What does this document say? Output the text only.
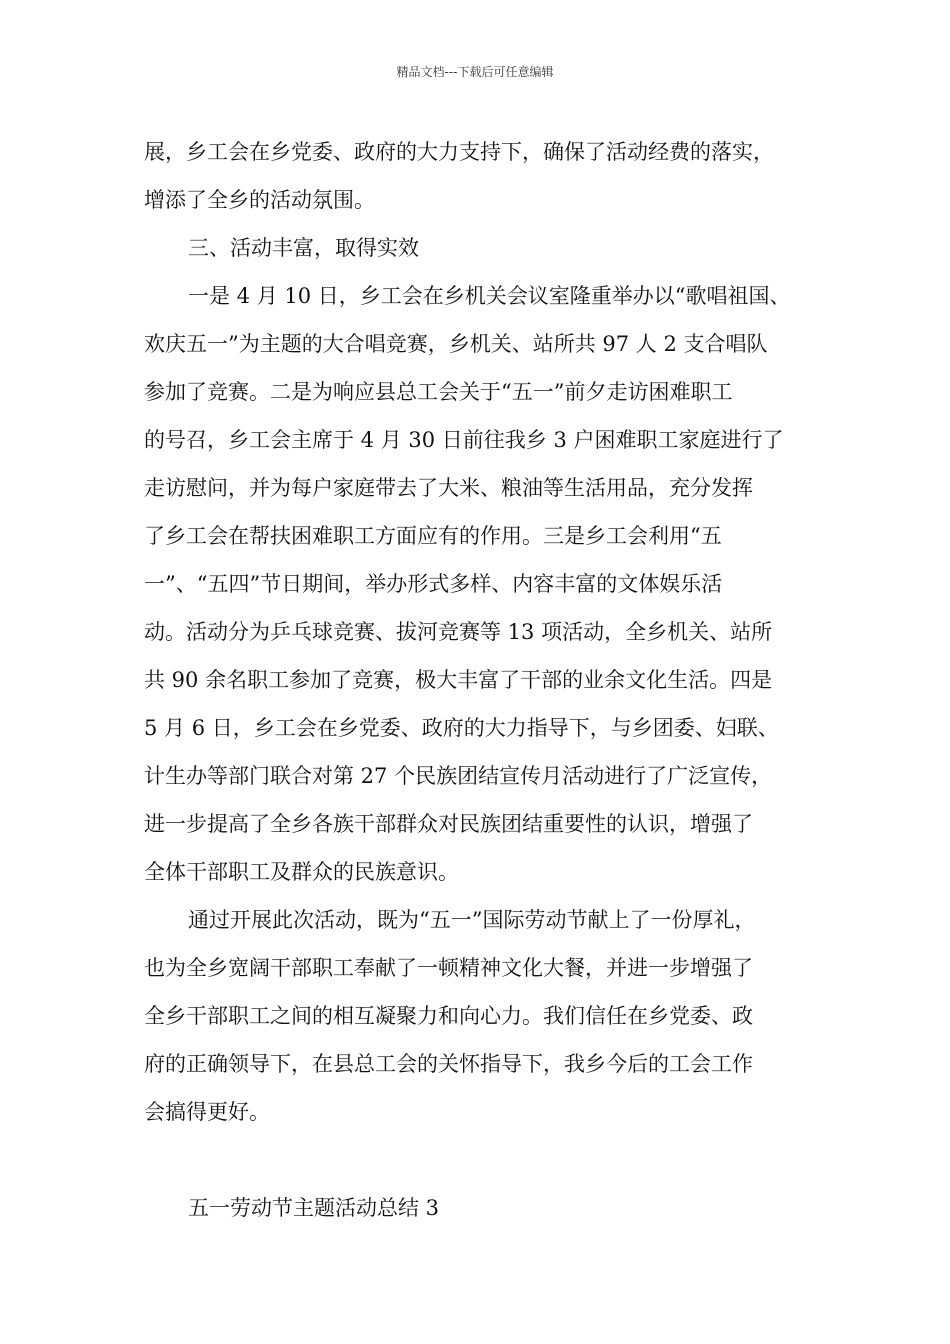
精品文档---下载后可任意编辑
展，乡工会在乡党委、政府的大力支持下，确保了活动经费的落实，
增添了全乡的活动氛围。
三、活动丰富，取得实效
一是 4 月 10 日，乡工会在乡机关会议室隆重举办以“歌唱祖国、
欢庆五一”为主题的大合唱竞赛，乡机关、站所共 97 人 2 支合唱队
参加了竞赛。二是为响应县总工会关于“五一”前夕走访困难职工
的号召，乡工会主席于 4 月 30 日前往我乡 3 户困难职工家庭进行了
走访慰问，并为每户家庭带去了大米、粮油等生活用品，充分发挥
了乡工会在帮扶困难职工方面应有的作用。三是乡工会利用“五
一”、“五四”节日期间，举办形式多样、内容丰富的文体娱乐活
动。活动分为乒乓球竞赛、拔河竞赛等 13 项活动，全乡机关、站所
共 90 余名职工参加了竞赛，极大丰富了干部的业余文化生活。四是
5 月 6 日，乡工会在乡党委、政府的大力指导下，与乡团委、妇联、
计生办等部门联合对第 27 个民族团结宣传月活动进行了广泛宣传，
进一步提高了全乡各族干部群众对民族团结重要性的认识，增强了
全体干部职工及群众的民族意识。
通过开展此次活动，既为“五一”国际劳动节献上了一份厚礼，
也为全乡宽阔干部职工奉献了一顿精神文化大餐，并进一步增强了
全乡干部职工之间的相互凝聚力和向心力。我们信任在乡党委、政
府的正确领导下，在县总工会的关怀指导下，我乡今后的工会工作
会搞得更好。
五一劳动节主题活动总结 3
